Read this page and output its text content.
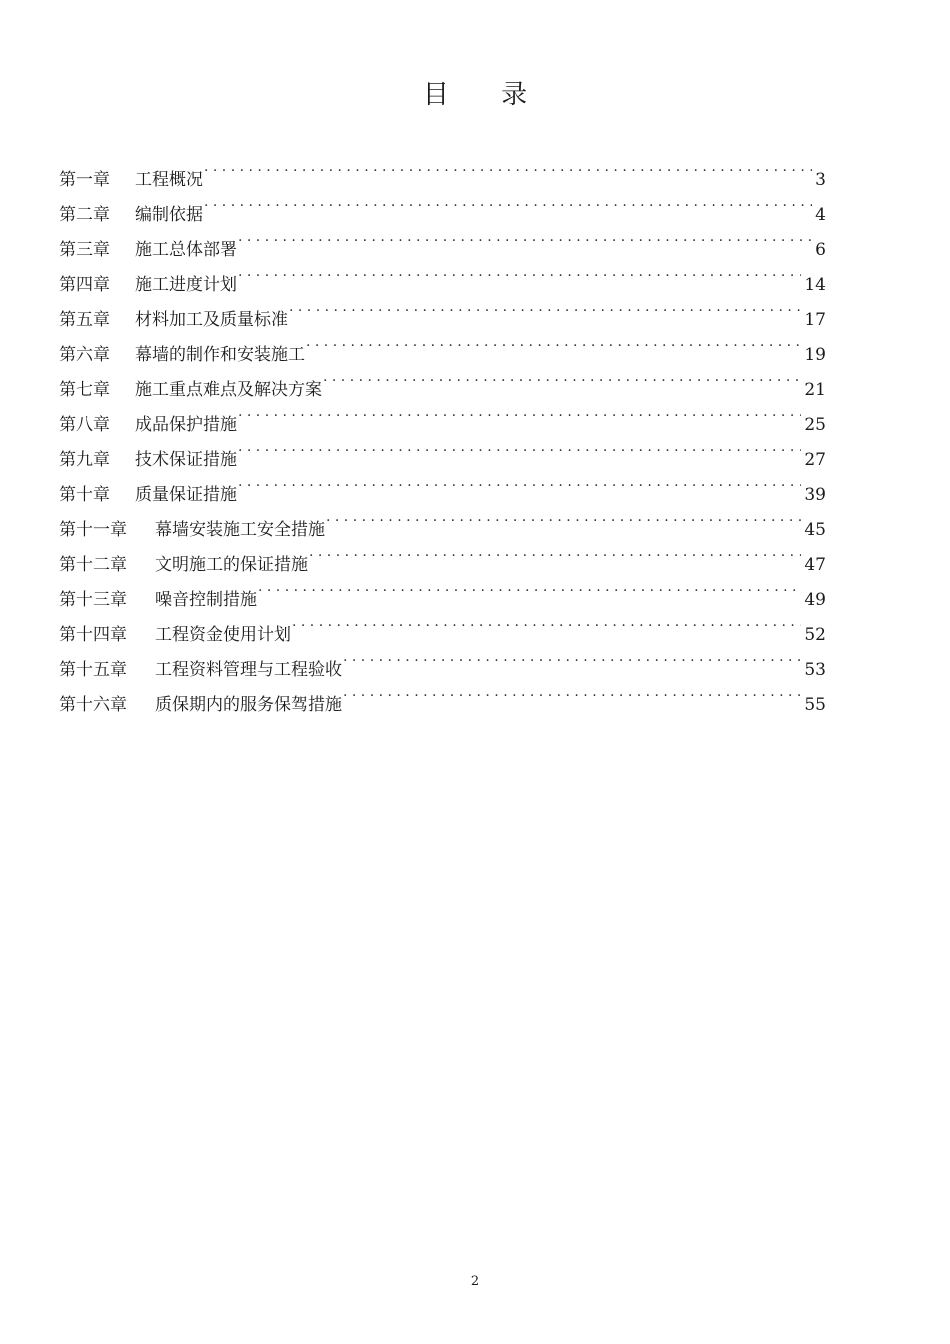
目 录
第一章	工程概况 . . .	3
第二章	编制依据 . . .	4
第三章	施工总体部署 . . .	6
第四章	施工进度计划 . . .	14
第五章	材料加工及质量标准 . . .	17
第六章	幕墙的制作和安装施工 . . .	19
第七章	施工重点难点及解决方案 . . .	21
第八章	成品保护措施 . . .	25
第九章	技术保证措施 . . .	27
第十章	质量保证措施 . . .	39
第十一章	幕墙安装施工安全措施 . . .	45
第十二章	文明施工的保证措施 . . .	47
第十三章	噪音控制措施 . . .	49
第十四章	工程资金使用计划 . . .	52
第十五章	工程资料管理与工程验收 . . .	53
第十六章	质保期内的服务保驾措施 . . .	55
2
